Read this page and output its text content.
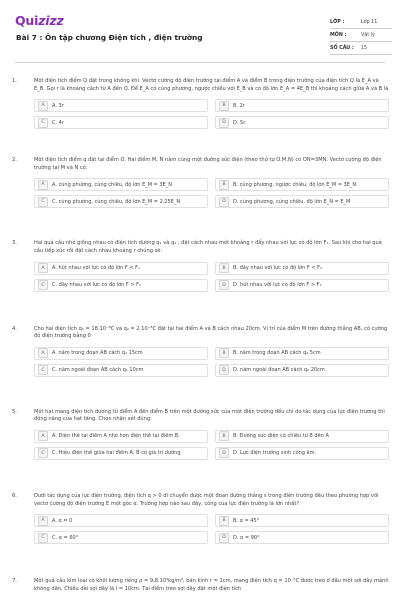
Quizizz
Bài 7 : Ôn tập chương Điện tích , điện trường
LỚP :	Lớp 11
MÔN :	Vật lý
SỐ CÂU :	15
1.	Một điện tích điểm Q đặt trong không khí. Vectơ cường độ điện trường tại điểm A và điểm B trong điện trường của điện tích Q là E_A và E_B. Gọi r là khoảng cách từ A đến Q. Để E_A có cùng phương, ngược chiều với E_B và có độ lớn E_A = 4E_B thì khoảng cách giữa A và B là
A	A. 3r	B	B. 2r
C	C. 4r	D	D. 5r
2.	Một điện tích điểm q đặt tại điểm O. Hai điểm M, N nằm cùng một đường sức điện (theo thứ tự O,M,N) có ON=3MN. Vectơ cường độ điện trường tại M và N có:
A	A. cùng phương, cùng chiều, độ lớn E_M = 3E_N	B	B. cùng phương, ngược chiều, độ lớn E_M = 3E_N
C	C. cùng phương, cùng chiều, độ lớn E_M = 2,25E_N	D	D. cùng phương, cùng chiều, độ lớn E_N = E_M
3.	Hai quả cầu nhỏ giống nhau có điện tích dương q₁ và q₂ , đặt cách nhau một khoảng r đẩy nhau với lực có độ lớn F₁. Sau khi cho hai quả cầu tiếp xúc rồi đặt cách nhau khoảng r chúng sẽ:
A	A. hút nhau với lực có độ lớn F < F₁	B	B. đẩy nhau với lực có độ lớn F < F₁
C	C. đẩy nhau với lực có độ lớn F > F₁	D	D. hút nhau với lực có độ lớn F > F₁
4.	Cho hai điện tích q₁ = 18.10⁻⁸C và q₂ = 2.10⁻⁸C đặt tại hai điểm A và B cách nhau 20cm. Vị trí của điểm M trên đường thẳng AB, có cường độ điện trường bằng 0
A	A. nằm trong đoạn AB cách q₁ 15cm	B	B. nằm trong đoạn AB cách q₂ 5cm
C	C. nằm ngoài đoạn AB cách q₁ 10cm	D	D. nằm ngoài đoạn AB cách q₂ 20cm
5.	Một hạt mang điện tích dương từ điểm A đến điểm B trên một đường sức của một điện trường đều chỉ do tác dụng của lực điện trường thì động năng của hạt tăng. Chọn nhận xét đúng:
A	A. Điện thế tại điểm A nhỏ hơn điện thế tại điểm B.	B	B. Đường sức điện có chiều từ B đến A
C	C. Hiệu điện thế giữa hai điểm A, B có giá trị dương	D	D. Lực điện trường sinh công âm.
6.	Dưới tác dụng của lực điện trường, điện tích q > 0 di chuyển được một đoạn đường thẳng s trong điện trường đều theo phương hợp với vectơ cường độ điện trường E một góc α. Trường hợp nào sau đây, công của lực điện trường là lớn nhất?
A	A. α = 0	B	B. α = 45°
C	C. α = 60°	D	D. α = 90°
7.	Một quả cầu kim loại có khối lượng riêng ρ = 9,8.10³kg/m³, bán kính r = 1cm, mang điện tích q = 10⁻⁵C được treo ở đầu một sợi dây mảnh không dãn. Chiều dài sợi dây là l = 10cm. Tại điểm treo sợi dây đặt một điện tích
